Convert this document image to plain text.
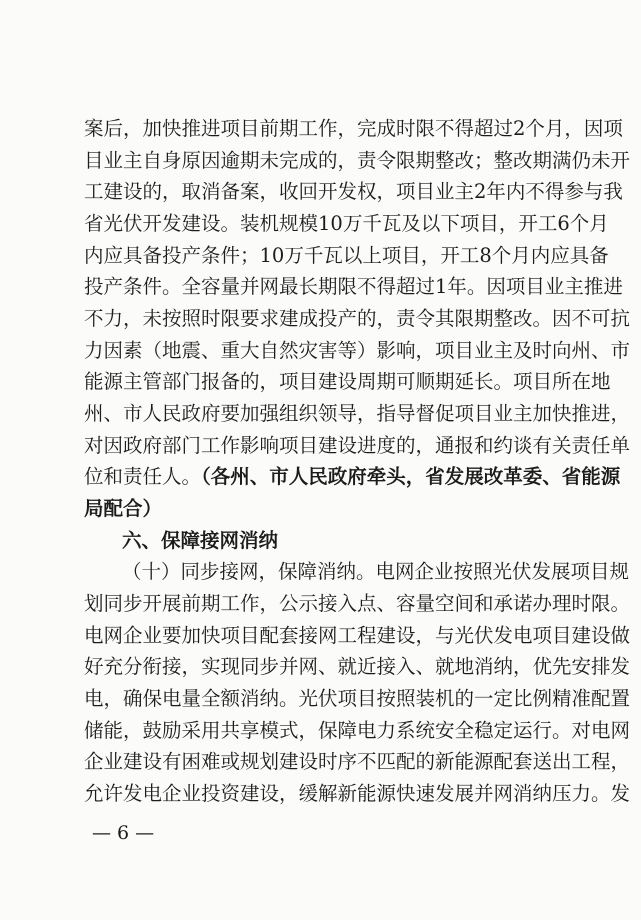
案后，加快推进项目前期工作，完成时限不得超过2个月，因项
目业主自身原因逾期未完成的，责令限期整改；整改期满仍未开
工建设的，取消备案，收回开发权，项目业主2年内不得参与我
省光伏开发建设。装机规模10万千瓦及以下项目，开工6个月
内应具备投产条件；10万千瓦以上项目，开工8个月内应具备
投产条件。全容量并网最长期限不得超过1年。因项目业主推进
不力，未按照时限要求建成投产的，责令其限期整改。因不可抗
力因素（地震、重大自然灾害等）影响，项目业主及时向州、市
能源主管部门报备的，项目建设周期可顺期延长。项目所在地
州、市人民政府要加强组织领导，指导督促项目业主加快推进，
对因政府部门工作影响项目建设进度的，通报和约谈有关责任单
位和责任人。（各州、市人民政府牵头，省发展改革委、省能源
局配合）
六、保障接网消纳
（十）同步接网，保障消纳。电网企业按照光伏发展项目规
划同步开展前期工作，公示接入点、容量空间和承诺办理时限。
电网企业要加快项目配套接网工程建设，与光伏发电项目建设做
好充分衔接，实现同步并网、就近接入、就地消纳，优先安排发
电，确保电量全额消纳。光伏项目按照装机的一定比例精准配置
储能，鼓励采用共享模式，保障电力系统安全稳定运行。对电网
企业建设有困难或规划建设时序不匹配的新能源配套送出工程，
允许发电企业投资建设，缓解新能源快速发展并网消纳压力。发
— 6 —
